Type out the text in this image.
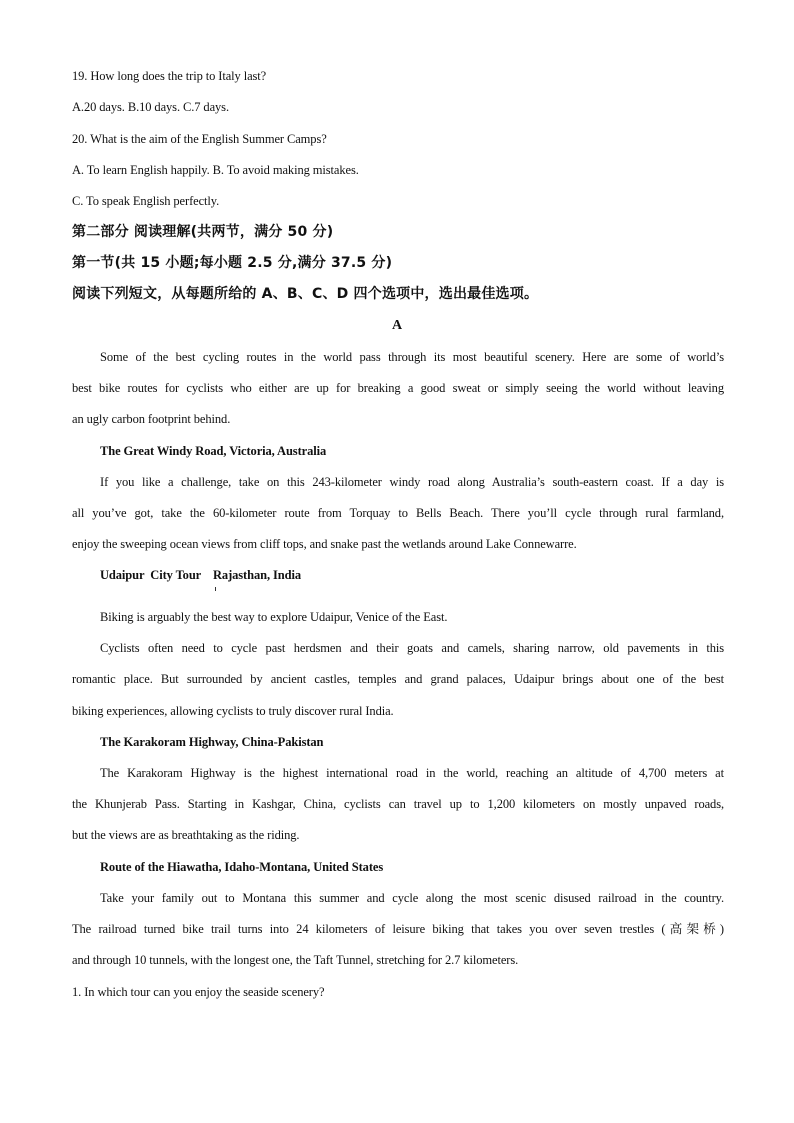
19. How long does the trip to Italy last?
A.20 days. B.10 days. C.7 days.
20. What is the aim of the English Summer Camps?
A. To learn English happily. B. To avoid making mistakes.
C. To speak English perfectly.
第二部分 阅读理解(共两节，满分 50 分)
第一节(共 15 小题;每小题 2.5 分,满分 37.5 分)
阅读下列短文，从每题所给的 A、B、C、D 四个选项中，选出最佳选项。
A
Some of the best cycling routes in the world pass through its most beautiful scenery. Here are some of world’s
best bike routes for cyclists who either are up for breaking a good sweat or simply seeing the world without leaving
an ugly carbon footprint behind.
The Great Windy Road, Victoria, Australia
If you like a challenge, take on this 243-kilometer windy road along Australia’s south-eastern coast. If a day is
all you’ve got, take the 60-kilometer route from Torquay to Bells Beach. There you’ll cycle through rural farmland,
enjoy the sweeping ocean views from cliff tops, and snake past the wetlands around Lake Connewarre.
Udaipur  City Tour    Rajasthan, India
Biking is arguably the best way to explore Udaipur, Venice of the East.
Cyclists often need to cycle past herdsmen and their goats and camels, sharing narrow, old pavements in this
romantic place. But surrounded by ancient castles, temples and grand palaces, Udaipur brings about one of the best
biking experiences, allowing cyclists to truly discover rural India.
The Karakoram Highway, China-Pakistan
The Karakoram Highway is the highest international road in the world, reaching an altitude of 4,700 meters at
the Khunjerab Pass. Starting in Kashgar, China, cyclists can travel up to 1,200 kilometers on mostly unpaved roads,
but the views are as breathtaking as the riding.
Route of the Hiawatha, Idaho-Montana, United States
Take your family out to Montana this summer and cycle along the most scenic disused railroad in the country.
The railroad turned bike trail turns into 24 kilometers of leisure biking that takes you over seven trestles (高架桥)
and through 10 tunnels, with the longest one, the Taft Tunnel, stretching for 2.7 kilometers.
1. In which tour can you enjoy the seaside scenery?
